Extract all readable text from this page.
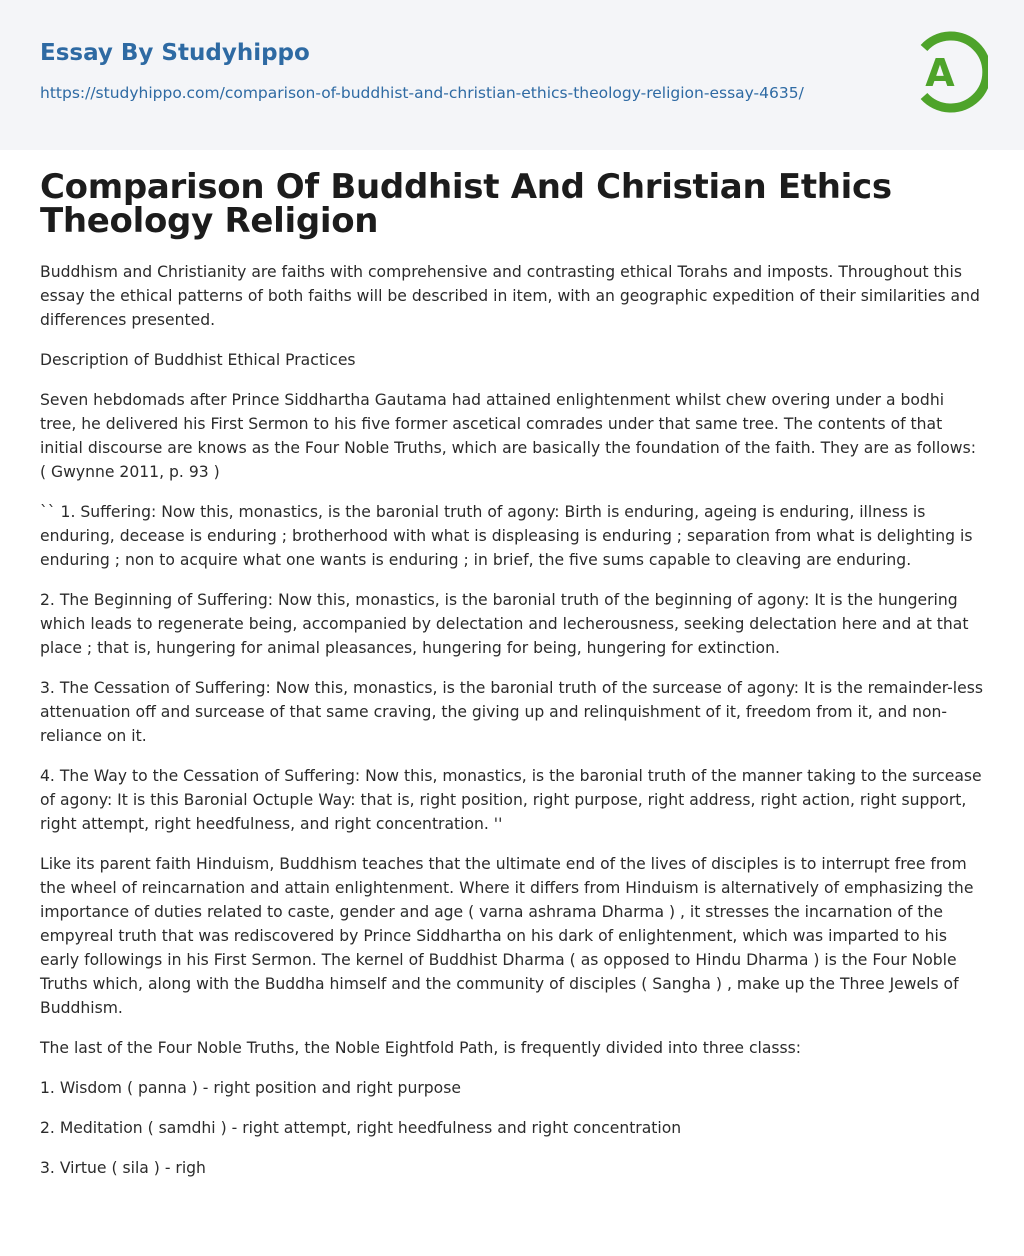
Essay By Studyhippo
https://studyhippo.com/comparison-of-buddhist-and-christian-ethics-theology-religion-essay-4635/	A
Comparison Of Buddhist And Christian Ethics Theology Religion

Buddhism and Christianity are faiths with comprehensive and contrasting ethical Torahs and imposts. Throughout this essay the ethical patterns of both faiths will be described in item, with an geographic expedition of their similarities and differences presented.

Description of Buddhist Ethical Practices

Seven hebdomads after Prince Siddhartha Gautama had attained enlightenment whilst chew overing under a bodhi tree, he delivered his First Sermon to his five former ascetical comrades under that same tree. The contents of that initial discourse are knows as the Four Noble Truths, which are basically the foundation of the faith. They are as follows: ( Gwynne 2011, p. 93 )

`` 1. Suffering: Now this, monastics, is the baronial truth of agony: Birth is enduring, ageing is enduring, illness is enduring, decease is enduring ; brotherhood with what is displeasing is enduring ; separation from what is delighting is enduring ; non to acquire what one wants is enduring ; in brief, the five sums capable to cleaving are enduring.

2. The Beginning of Suffering: Now this, monastics, is the baronial truth of the beginning of agony: It is the hungering which leads to regenerate being, accompanied by delectation and lecherousness, seeking delectation here and at that place ; that is, hungering for animal pleasances, hungering for being, hungering for extinction.

3. The Cessation of Suffering: Now this, monastics, is the baronial truth of the surcease of agony: It is the remainder-less attenuation off and surcease of that same craving, the giving up and relinquishment of it, freedom from it, and non-reliance on it.

4. The Way to the Cessation of Suffering: Now this, monastics, is the baronial truth of the manner taking to the surcease of agony: It is this Baronial Octuple Way: that is, right position, right purpose, right address, right action, right support, right attempt, right heedfulness, and right concentration. ''

Like its parent faith Hinduism, Buddhism teaches that the ultimate end of the lives of disciples is to interrupt free from the wheel of reincarnation and attain enlightenment. Where it differs from Hinduism is alternatively of emphasizing the importance of duties related to caste, gender and age ( varna ashrama Dharma ) , it stresses the incarnation of the empyreal truth that was rediscovered by Prince Siddhartha on his dark of enlightenment, which was imparted to his early followings in his First Sermon. The kernel of Buddhist Dharma ( as opposed to Hindu Dharma ) is the Four Noble Truths which, along with the Buddha himself and the community of disciples ( Sangha ) , make up the Three Jewels of Buddhism.

The last of the Four Noble Truths, the Noble Eightfold Path, is frequently divided into three classs:

1. Wisdom ( panna ) - right position and right purpose

2. Meditation ( samdhi ) - right attempt, right heedfulness and right concentration

3. Virtue ( sila ) - righ
